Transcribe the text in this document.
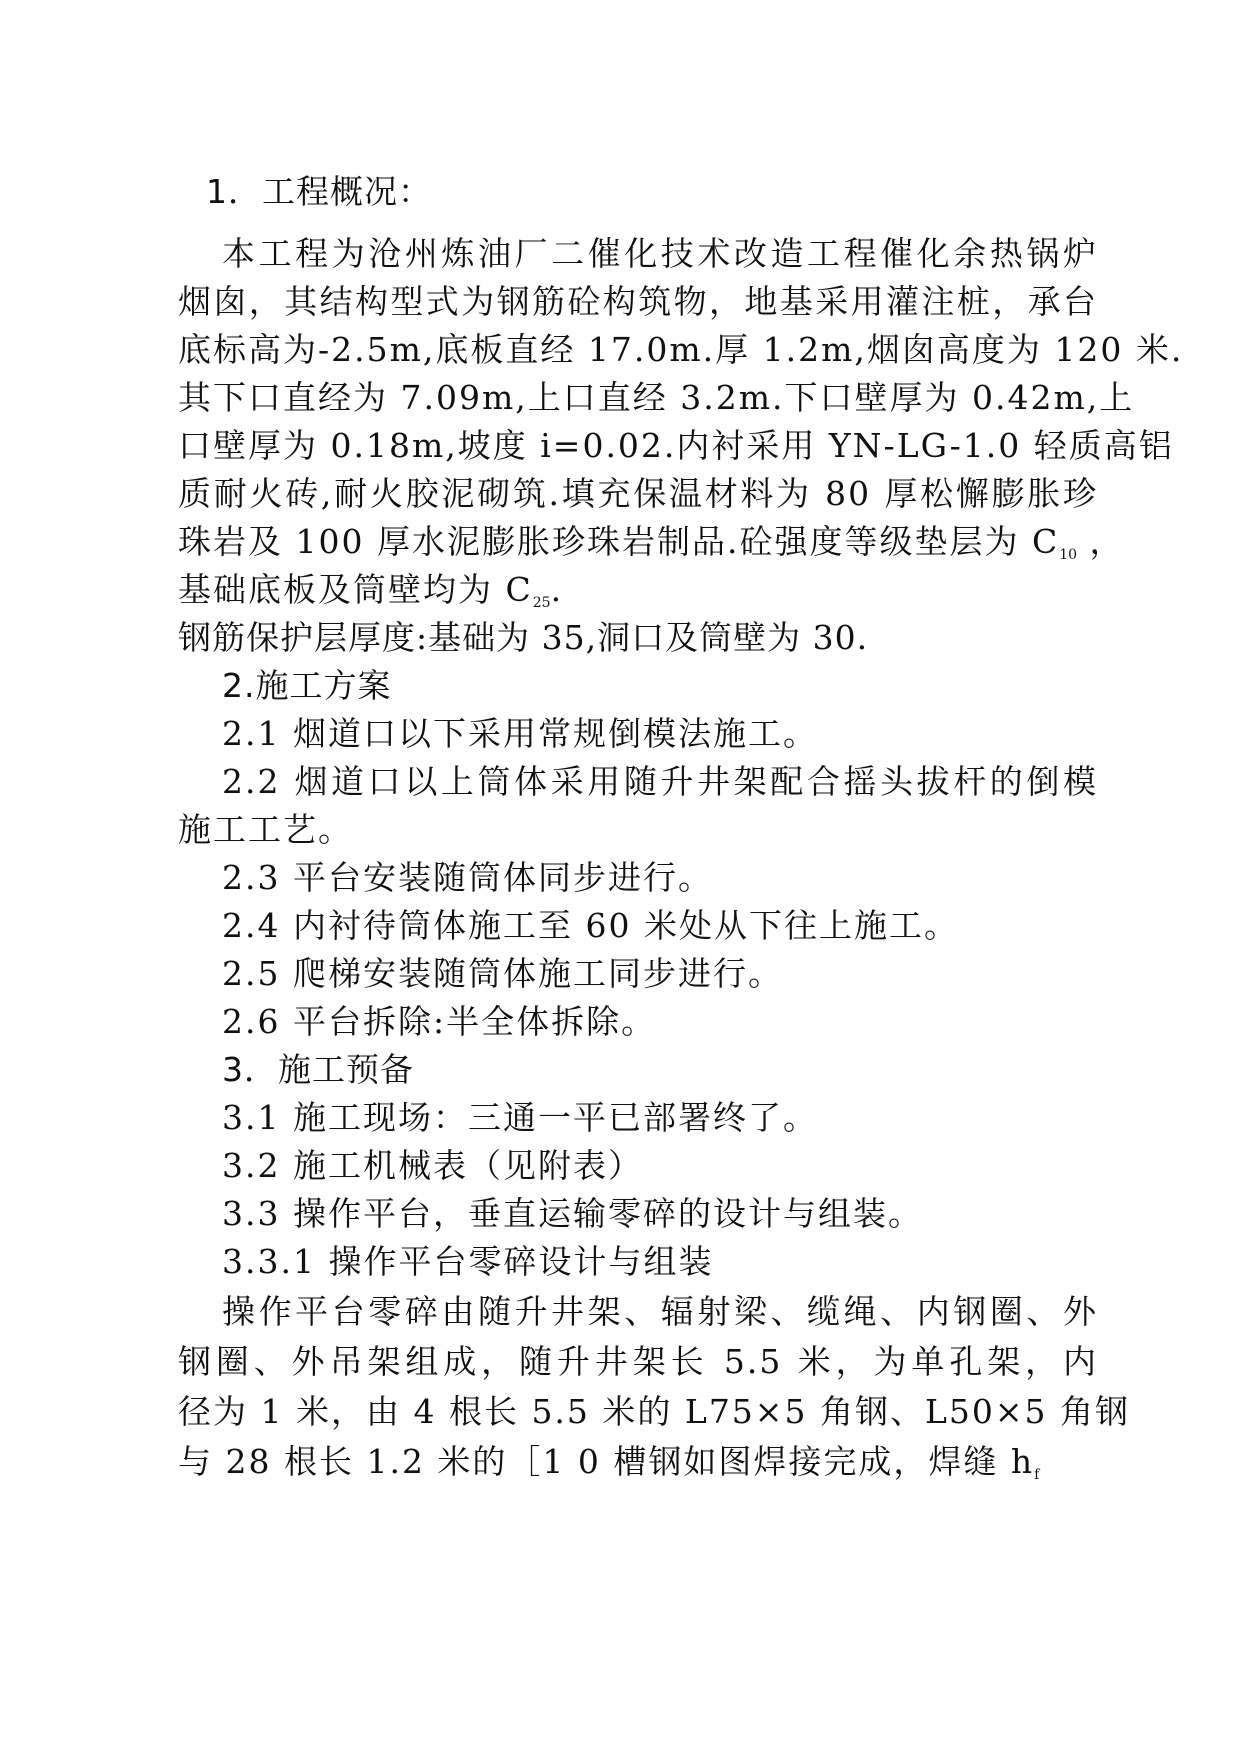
1．工程概况：
本工程为沧州炼油厂二催化技术改造工程催化余热锅炉
烟囱，其结构型式为钢筋砼构筑物，地基采用灌注桩，承台
底标高为-2.5m,底板直经 17.0m.厚 1.2m,烟囱高度为 120 米.
其下口直经为 7.09m,上口直经 3.2m.下口壁厚为 0.42m,上
口壁厚为 0.18m,坡度 i=0.02.内衬采用 YN-LG-1.0 轻质高铝
质耐火砖,耐火胶泥砌筑.填充保温材料为 80 厚松懈膨胀珍
珠岩及 100 厚水泥膨胀珍珠岩制品.砼强度等级垫层为 $C_{10}$ ，
基础底板及筒壁均为 $C_{25}$.
钢筋保护层厚度:基础为 35,洞口及筒壁为 30.
2.施工方案
2.1 烟道口以下采用常规倒模法施工。
2.2 烟道口以上筒体采用随升井架配合摇头拔杆的倒模
施工工艺。
2.3 平台安装随筒体同步进行。
2.4 内衬待筒体施工至 60 米处从下往上施工。
2.5 爬梯安装随筒体施工同步进行。
2.6 平台拆除:半全体拆除。
3．施工预备
3.1 施工现场：三通一平已部署终了。
3.2 施工机械表（见附表）
3.3 操作平台，垂直运输零碎的设计与组装。
3.3.1 操作平台零碎设计与组装
操作平台零碎由随升井架、辐射梁、缆绳、内钢圈、外
钢圈、外吊架组成，随升井架长 5.5 米，为单孔架，内
径为 1 米，由 4 根长 5.5 米的 L75×5 角钢、L50×5 角钢
与 28 根长 1.2 米的［1 0 槽钢如图焊接完成，焊缝 $h_f$
